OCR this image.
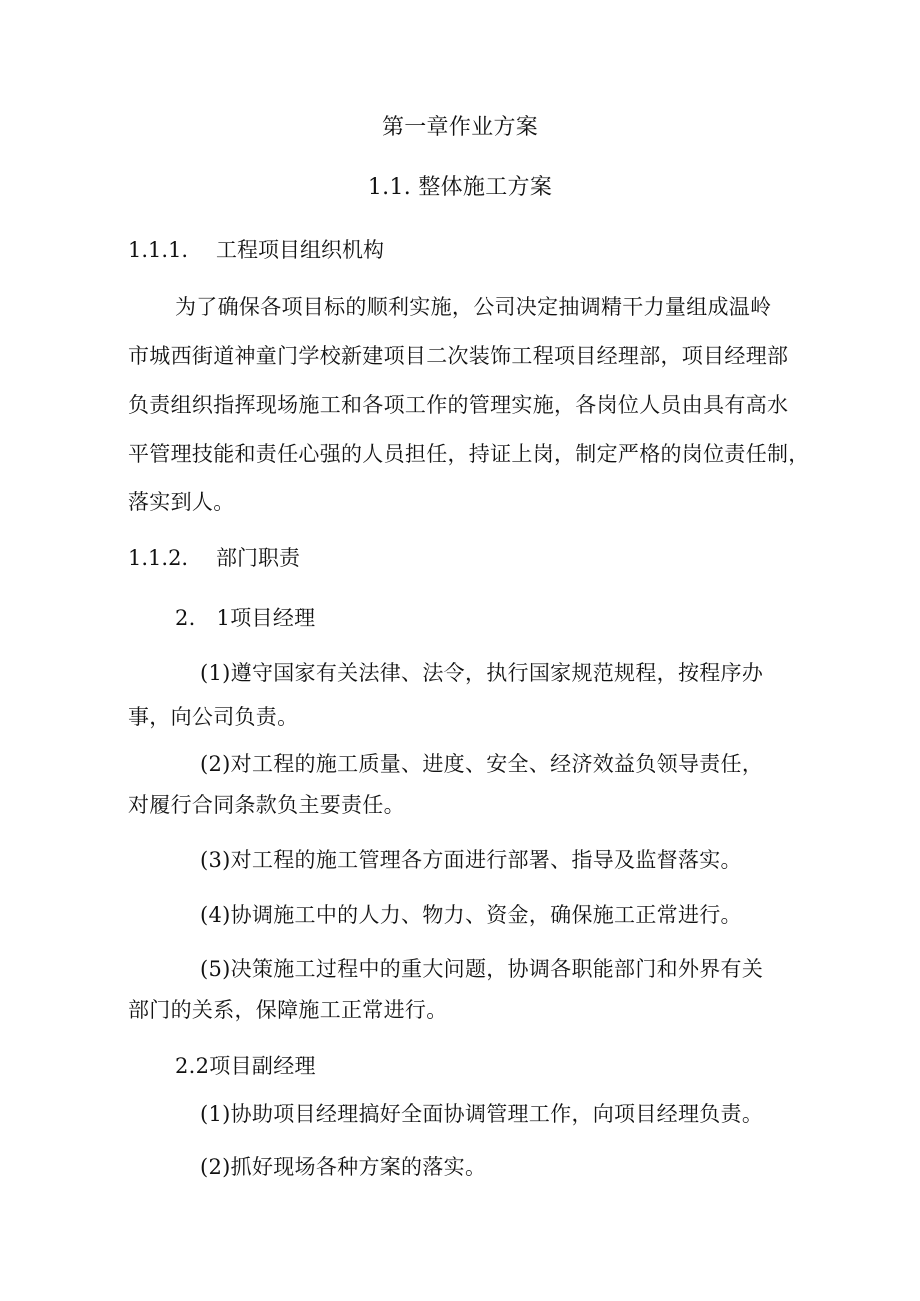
第一章作业方案
1.1. 整体施工方案
1.1.1. 工程项目组织机构
为了确保各项目标的顺利实施，公司决定抽调精干力量组成温岭
市城西街道神童门学校新建项目二次装饰工程项目经理部，项目经理部
负责组织指挥现场施工和各项工作的管理实施，各岗位人员由具有高水
平管理技能和责任心强的人员担任，持证上岗，制定严格的岗位责任制，
落实到人。
1.1.2. 部门职责
2.   1项目经理
(1)遵守国家有关法律、法令，执行国家规范规程，按程序办
事，向公司负责。
(2)对工程的施工质量、进度、安全、经济效益负领导责任，
对履行合同条款负主要责任。
(3)对工程的施工管理各方面进行部署、指导及监督落实。
(4)协调施工中的人力、物力、资金，确保施工正常进行。
(5)决策施工过程中的重大问题，协调各职能部门和外界有关
部门的关系，保障施工正常进行。
2.2项目副经理
(1)协助项目经理搞好全面协调管理工作，向项目经理负责。
(2)抓好现场各种方案的落实。
